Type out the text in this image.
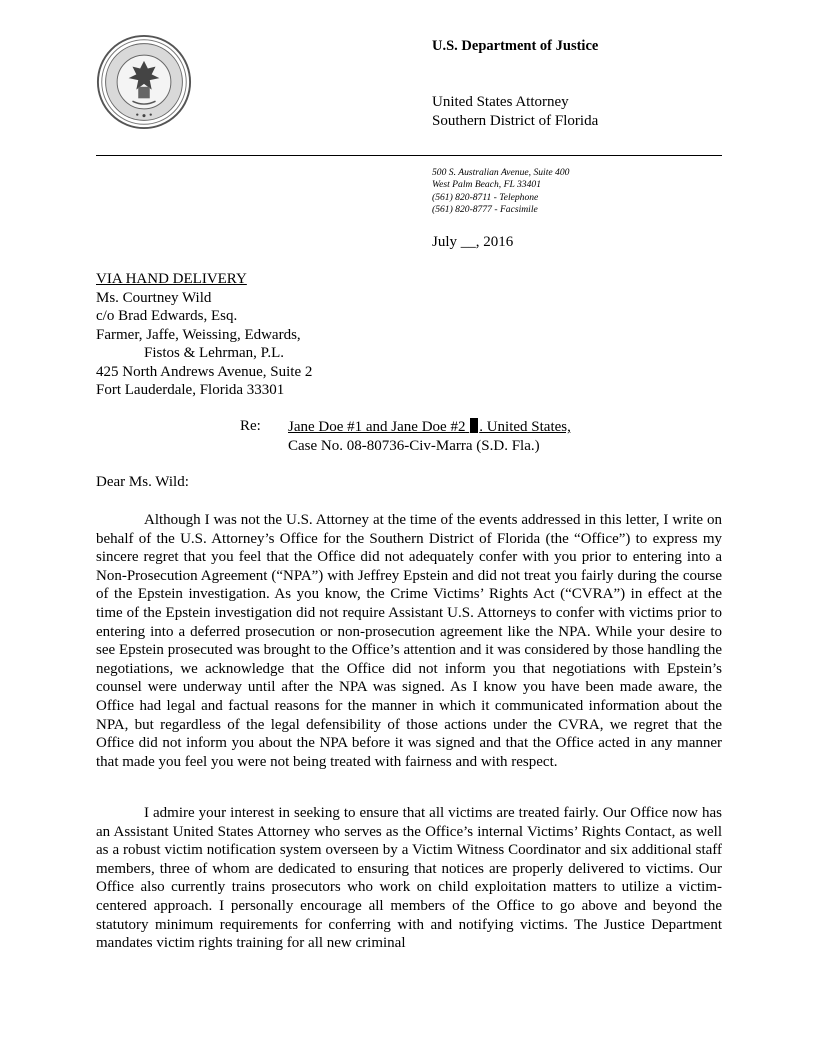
U.S. Department of Justice
United States Attorney
Southern District of Florida
500 S. Australian Avenue, Suite 400
West Palm Beach, FL 33401
(561) 820-8711 - Telephone
(561) 820-8777 - Facsimile
July __, 2016
VIA HAND DELIVERY
Ms. Courtney Wild
c/o Brad Edwards, Esq.
Farmer, Jaffe, Weissing, Edwards,
Fistos & Lehrman, P.L.
425 North Andrews Avenue, Suite 2
Fort Lauderdale, Florida 33301
Re: Jane Doe #1 and Jane Doe #2 . United States,
Case No. 08-80736-Civ-Marra (S.D. Fla.)
Dear Ms. Wild:

Although I was not the U.S. Attorney at the time of the events addressed in this letter, I write on behalf of the U.S. Attorney’s Office for the Southern District of Florida (the “Office”) to express my sincere regret that you feel that the Office did not adequately confer with you prior to entering into a Non-Prosecution Agreement (“NPA”) with Jeffrey Epstein and did not treat you fairly during the course of the Epstein investigation. As you know, the Crime Victims’ Rights Act (“CVRA”) in effect at the time of the Epstein investigation did not require Assistant U.S. Attorneys to confer with victims prior to entering into a deferred prosecution or non-prosecution agreement like the NPA. While your desire to see Epstein prosecuted was brought to the Office’s attention and it was considered by those handling the negotiations, we acknowledge that the Office did not inform you that negotiations with Epstein’s counsel were underway until after the NPA was signed. As I know you have been made aware, the Office had legal and factual reasons for the manner in which it communicated information about the NPA, but regardless of the legal defensibility of those actions under the CVRA, we regret that the Office did not inform you about the NPA before it was signed and that the Office acted in any manner that made you feel you were not being treated with fairness and with respect.

I admire your interest in seeking to ensure that all victims are treated fairly. Our Office now has an Assistant United States Attorney who serves as the Office’s internal Victims’ Rights Contact, as well as a robust victim notification system overseen by a Victim Witness Coordinator and six additional staff members, three of whom are dedicated to ensuring that notices are properly delivered to victims. Our Office also currently trains prosecutors who work on child exploitation matters to utilize a victim-centered approach. I personally encourage all members of the Office to go above and beyond the statutory minimum requirements for conferring with and notifying victims. The Justice Department mandates victim rights training for all new criminal
